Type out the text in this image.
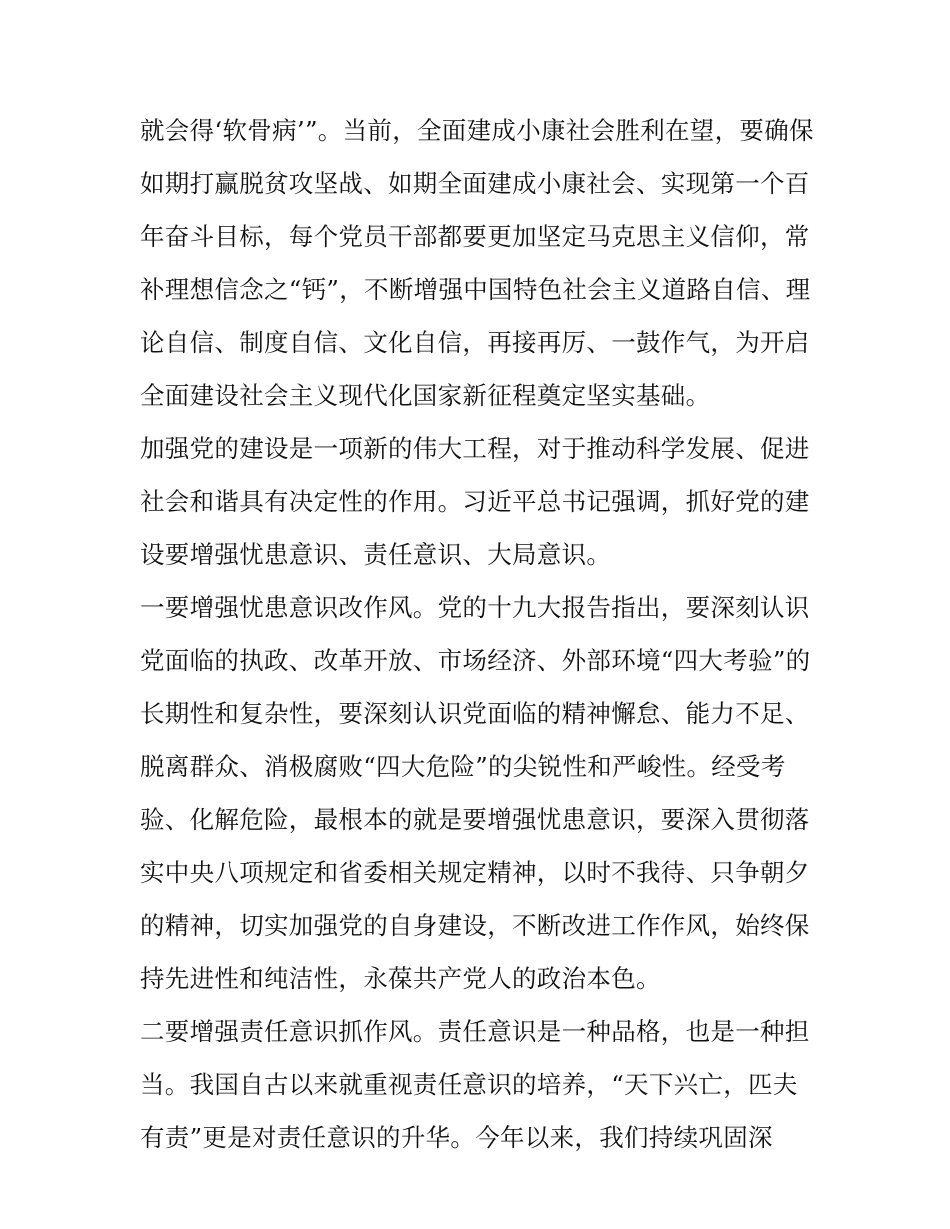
就会得‘软骨病’”。当前，全面建成小康社会胜利在望，要确保
如期打赢脱贫攻坚战、如期全面建成小康社会、实现第一个百
年奋斗目标，每个党员干部都要更加坚定马克思主义信仰，常
补理想信念之“钙”，不断增强中国特色社会主义道路自信、理
论自信、制度自信、文化自信，再接再厉、一鼓作气，为开启
全面建设社会主义现代化国家新征程奠定坚实基础。
加强党的建设是一项新的伟大工程，对于推动科学发展、促进
社会和谐具有决定性的作用。习近平总书记强调，抓好党的建
设要增强忧患意识、责任意识、大局意识。
一要增强忧患意识改作风。党的十九大报告指出，要深刻认识
党面临的执政、改革开放、市场经济、外部环境“四大考验”的
长期性和复杂性，要深刻认识党面临的精神懈怠、能力不足、
脱离群众、消极腐败“四大危险”的尖锐性和严峻性。经受考
验、化解危险，最根本的就是要增强忧患意识，要深入贯彻落
实中央八项规定和省委相关规定精神，以时不我待、只争朝夕
的精神，切实加强党的自身建设，不断改进工作作风，始终保
持先进性和纯洁性，永葆共产党人的政治本色。
二要增强责任意识抓作风。责任意识是一种品格，也是一种担
当。我国自古以来就重视责任意识的培养，“天下兴亡，匹夫
有责”更是对责任意识的升华。今年以来，我们持续巩固深
